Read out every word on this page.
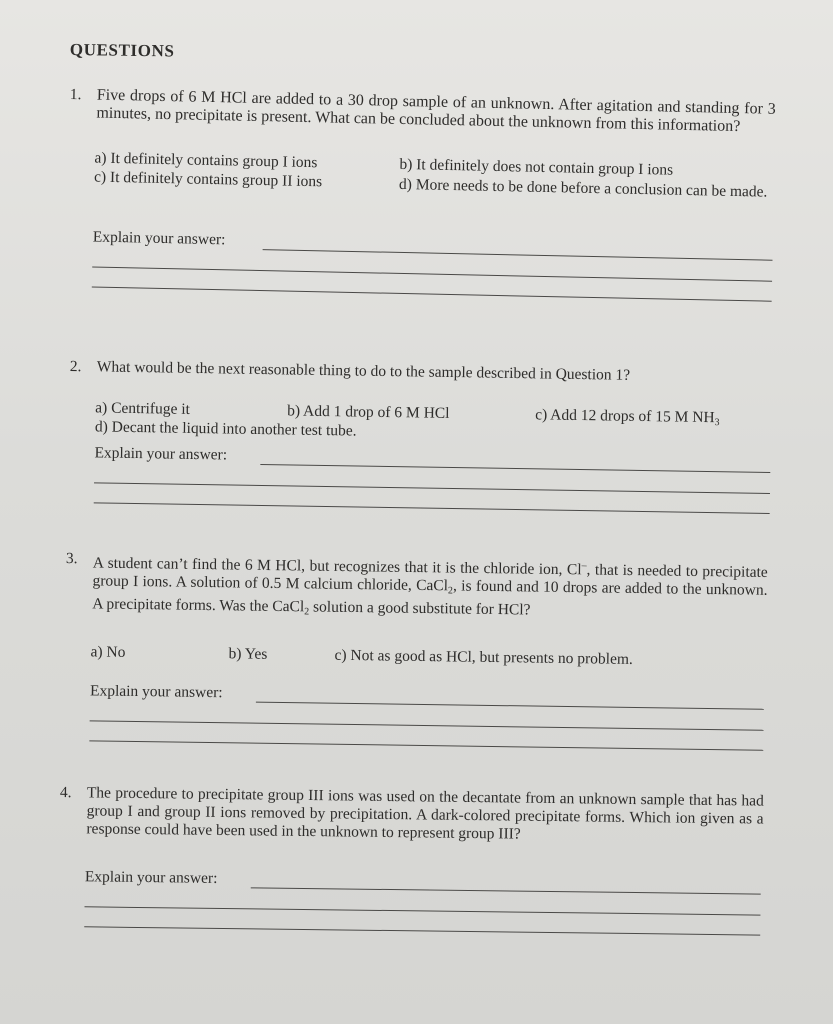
QUESTIONS
1. Five drops of 6 M HCl are added to a 30 drop sample of an unknown. After agitation and standing for 3 minutes, no precipitate is present. What can be concluded about the unknown from this information?
a) It definitely contains group I ions	b) It definitely does not contain group I ions
c) It definitely contains group II ions	d) More needs to be done before a conclusion can be made.
Explain your answer:
2. What would be the next reasonable thing to do to the sample described in Question 1?
a) Centrifuge it	b) Add 1 drop of 6 M HCl	c) Add 12 drops of 15 M $NH_3$
d) Decant the liquid into another test tube.
Explain your answer:
3. A student can’t find the 6 M HCl, but recognizes that it is the chloride ion, Cl–, that is needed to precipitate group I ions. A solution of 0.5 M calcium chloride, CaCl$_2$, is found and 10 drops are added to the unknown. A precipitate forms. Was the CaCl$_2$ solution a good substitute for HCl?
a) No	b) Yes	c) Not as good as HCl, but presents no problem.
Explain your answer:
4. The procedure to precipitate group III ions was used on the decantate from an unknown sample that has had group I and group II ions removed by precipitation. A dark-colored precipitate forms. Which ion given as a response could have been used in the unknown to represent group III?
Explain your answer:
